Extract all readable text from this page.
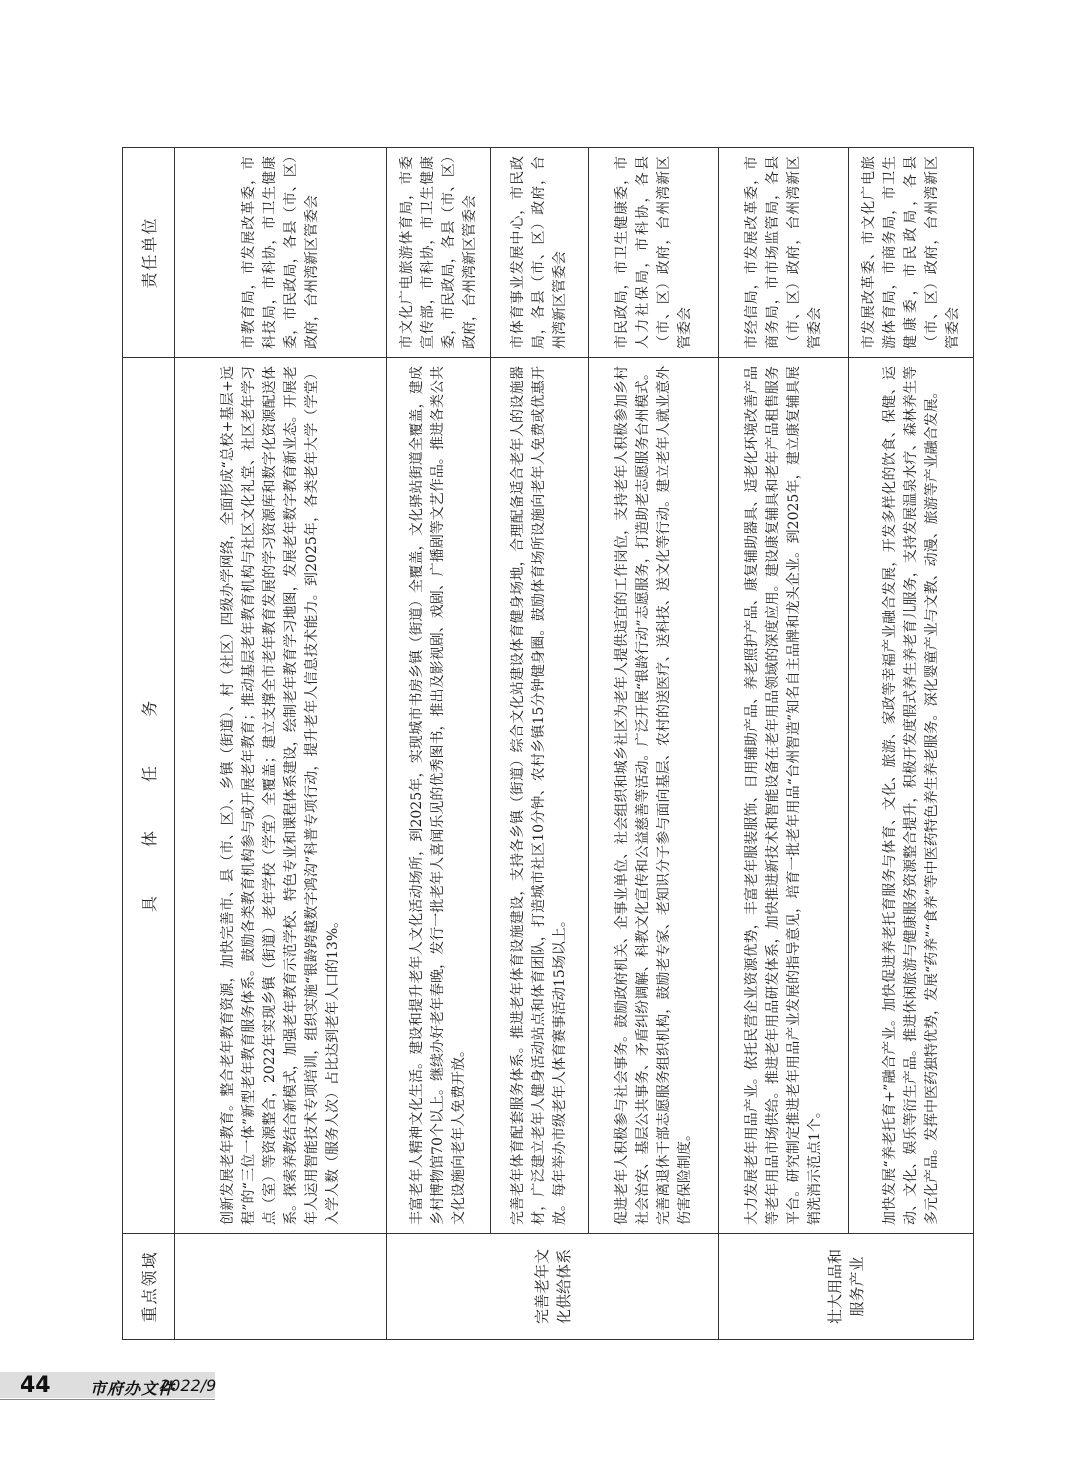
重点领域	具 体 任 务	责任单位
	创新发展老年教育。整合老年教育资源，加快完善市、县（市、区）、乡镇（街道）、村（社区）四级办学网络，全面形成“总校+基层+远程”的“三位一体”新型老年教育服务体系。鼓励各类教育机构参与或开展老年教育；推动基层老年教育机构与社区文化礼堂、社区老年学习点（室）等资源整合，2022年实现乡镇（街道）老年学校（学堂）全覆盖；建立支撑全市老年教育发展的学习资源库和数字化资源配送体系。探索养教结合新模式，加强老年教育示范学校、特色专业和课程体系建设，绘制老年教育学习地图，发展老年数字教育新业态。开展老年人运用智能技术专项培训，组织实施“银龄跨越数字鸿沟”科普专项行动，提升老年人信息技术能力。到2025年，各类老年大学（学堂）入学人数（服务人次）占比达到老年人口的13%。	市教育局，市发展改革委，市科技局，市科协，市卫生健康委，市民政局，各县（市、区）政府，台州湾新区管委会
完善老年文化供给体系	丰富老年人精神文化生活。建设和提升老年人文化活动场所，到2025年，实现城市书房乡镇（街道）全覆盖，文化驿站街道全覆盖，建成乡村博物馆70个以上。继续办好老年春晚，发行一批老年人喜闻乐见的优秀图书，推出及影视剧、戏剧、广播剧等文艺作品。推进各类公共文化设施向老年人免费开放。	市文化广电旅游体育局，市委宣传部，市科协，市卫生健康委，市民政局，各县（市、区）政府，台州湾新区管委会
	完善老年体育配套服务体系。推进老年体育设施建设，支持各乡镇（街道）综合文化站建设体育健身场地，合理配备适合老年人的设施器材，广泛建立老年人健身活动站点和体育团队，打造城市社区10分钟、农村乡镇15分钟健身圈。鼓励体育场所设施向老年人免费或优惠开放。每年举办市级老年人体育赛事活动15场以上。	市体育事业发展中心，市民政局，各县（市、区）政府，台州湾新区管委会
	促进老年人积极参与社会事务。鼓励政府机关、企事业单位、社会组织和城乡社区为老年人提供适宜的工作岗位，支持老年人积极参加乡村社会治安、基层公共事务、矛盾纠纷调解、科教文化宣传和公益慈善等活动。广泛开展“银龄行动”志愿服务，打造助老志愿服务台州模式。完善离退休干部志愿服务组织机构，鼓励老专家、老知识分子参与面向基层、农村的送医疗、送科技、送文化等行动。建立老年人就业意外伤害保险制度。	市民政局，市卫生健康委，市人力社保局，市科协，各县（市、区）政府，台州湾新区管委会
壮大用品和服务产业	大力发展老年用品产业。依托民营企业资源优势，丰富老年服装服饰、日用辅助产品、养老照护产品、康复辅助器具、适老化环境改善产品等老年用品市场供给。推进老年用品研发体系，加快推进新技术和智能设备在老年用品领域的深度应用。建设康复辅具和老年产品租售服务平台。研究制定推进老年用品产业发展的指导意见，培育一批老年用品“台州智造”知名自主品牌和龙头企业。到2025年，建立康复辅具展销洗消示范点1个。	市经信局，市发展改革委，市商务局，市市场监管局，各县（市、区）政府，台州湾新区管委会
	加快发展“养老托育+”融合产业。加快促进养老托育服务与体育、文化、旅游、家政等幸福产业融合发展，开发多样化的饮食、保健、运动、文化、娱乐等衍生产品。推进休闲旅游与健康服务资源整合提升，积极开发度假式养生养老育儿服务，支持发展温泉水疗、森林养生等多元化产品。发挥中医药独特优势，发展“药养”“食养”等中医药特色养生养老服务。深化婴童产业与文教、动漫、旅游等产业融合发展。	市发展改革委、市文化广电旅游体育局，市商务局，市卫生健康委，市民政局，各县（市、区）政府，台州湾新区管委会
44 市府办文件
2022/9
